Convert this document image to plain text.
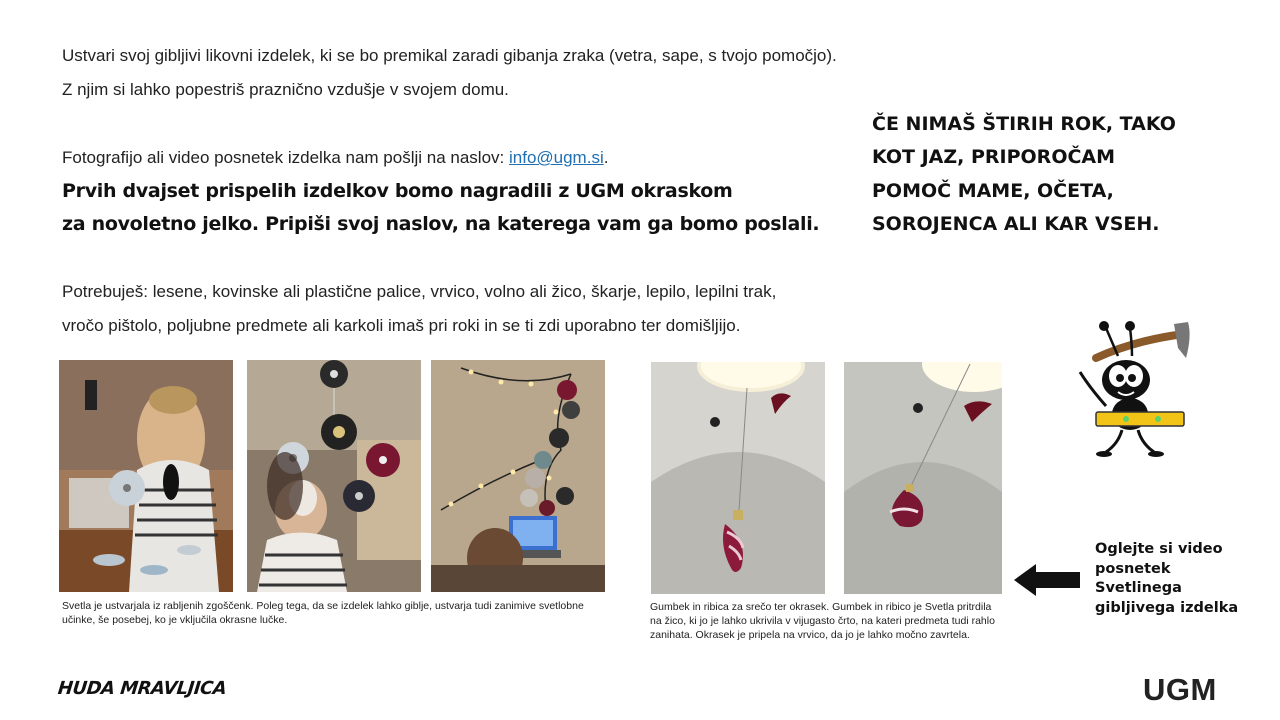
Ustvari svoj gibljivi likovni izdelek, ki se bo premikal zaradi gibanja zraka (vetra, sape, s tvojo pomočjo).
Z njim si lahko popestriš praznično vzdušje v svojem domu.
Fotografijo ali video posnetek izdelka nam pošlji na naslov: info@ugm.si.
Prvih dvajset prispelih izdelkov bomo nagradili z UGM okraskom
za novoletno jelko. Pripiši svoj naslov, na katerega vam ga bomo poslali.
Potrebuješ: lesene, kovinske ali plastične palice, vrvico, volno ali žico, škarje, lepilo, lepilni trak,
vročo pištolo, poljubne predmete ali karkoli imaš pri roki in se ti zdi uporabno ter domišljijo.
ČE NIMAŠ ŠTIRIH ROK, TAKO
KOT JAZ, PRIPOROČAM
POMOČ MAME, OČETA,
SOROJENCA ALI KAR VSEH.
Svetla je ustvarjala iz rabljenih zgoščenk. Poleg tega, da se izdelek lahko giblje, ustvarja tudi zanimive svetlobne učinke, še posebej, ko je vključila okrasne lučke.
Gumbek in ribica za srečo ter okrasek. Gumbek in ribico je Svetla pritrdila na žico, ki jo je lahko ukrivila v vijugasto črto, na kateri predmeta tudi rahlo zanihata. Okrasek je pripela na vrvico, da jo je lahko močno zavrtela.
Oglejte si video
posnetek
Svetlinega
gibljivega izdelka
HUDA MRAVLJICA	UGM
